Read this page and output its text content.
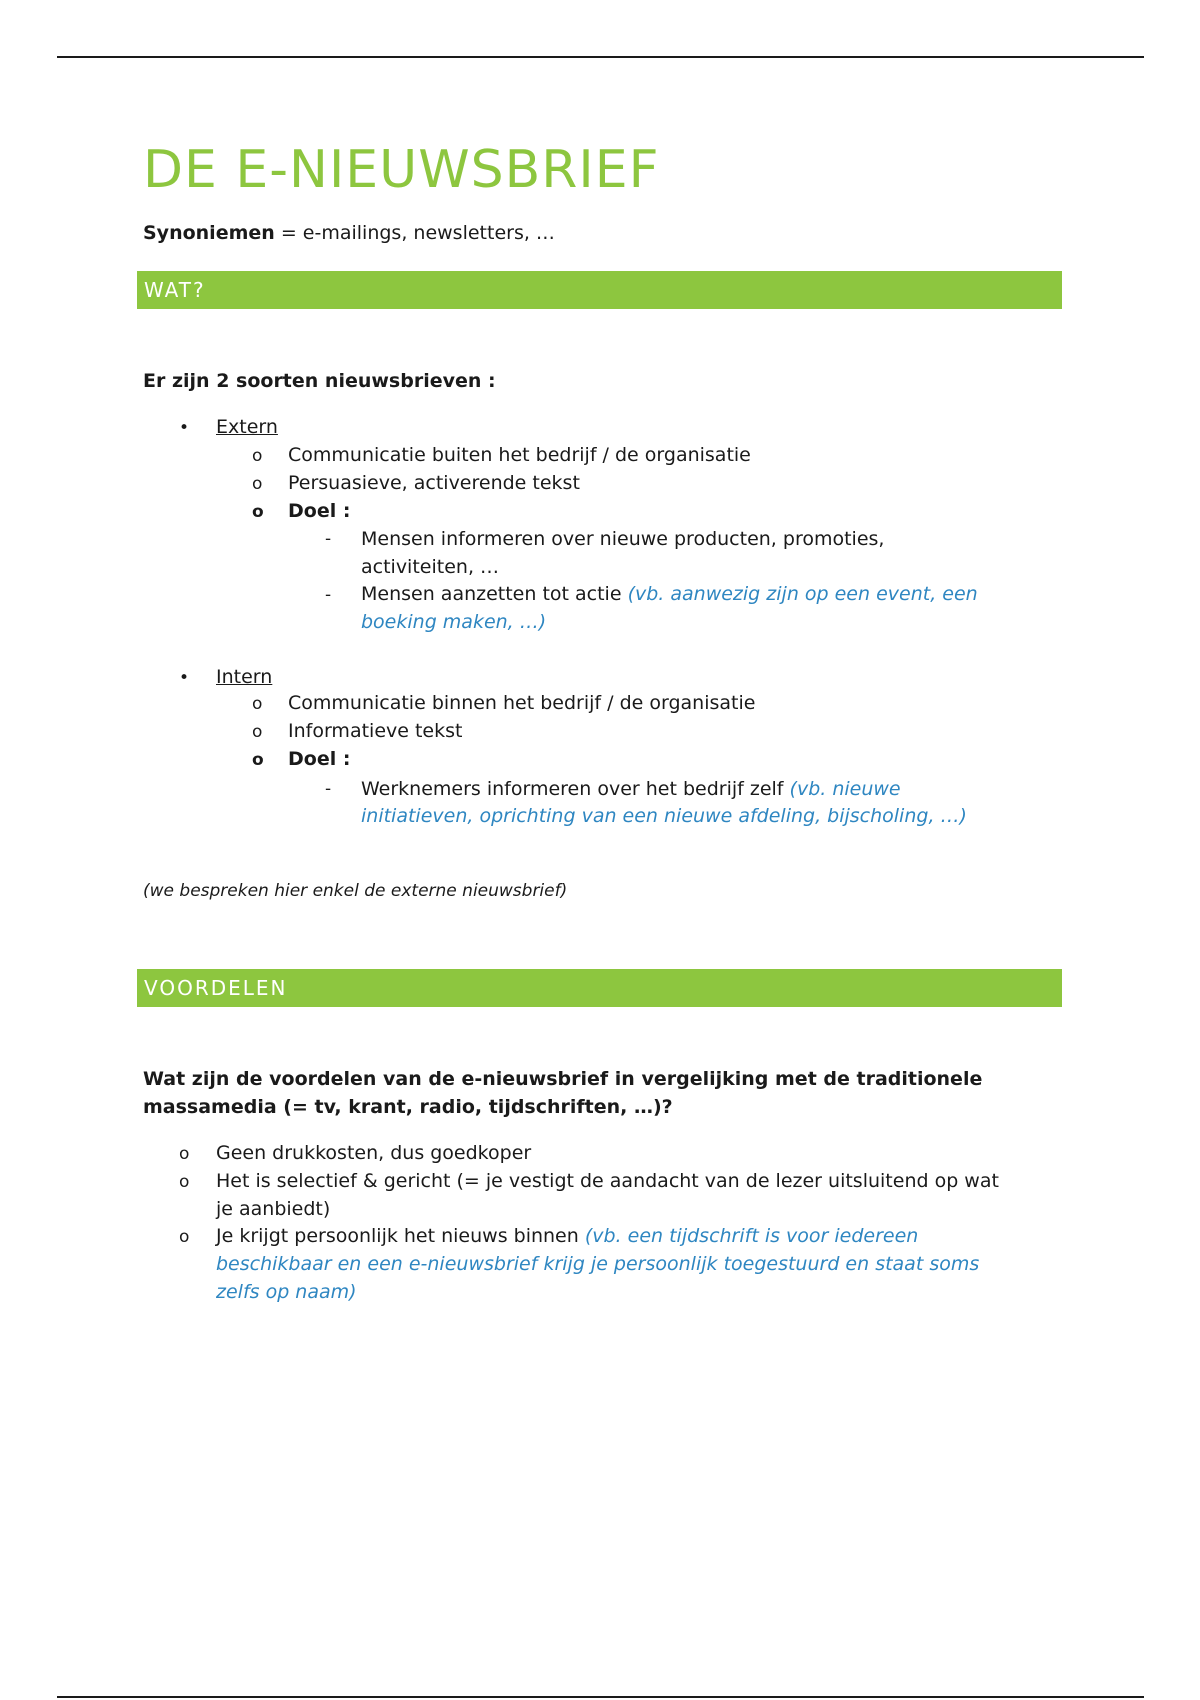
DE E-NIEUWSBRIEF
Synoniemen = e-mailings, newsletters, …
WAT?
Er zijn 2 soorten nieuwsbrieven :
• Extern
o Communicatie buiten het bedrijf / de organisatie
o Persuasieve, activerende tekst
o Doel :
- Mensen informeren over nieuwe producten, promoties,
activiteiten, …
- Mensen aanzetten tot actie (vb. aanwezig zijn op een event, een
boeking maken, …)
• Intern
o Communicatie binnen het bedrijf / de organisatie
o Informatieve tekst
o Doel :
- Werknemers informeren over het bedrijf zelf (vb. nieuwe
initiatieven, oprichting van een nieuwe afdeling, bijscholing, …)
(we bespreken hier enkel de externe nieuwsbrief)
VOORDELEN
Wat zijn de voordelen van de e-nieuwsbrief in vergelijking met de traditionele
massamedia (= tv, krant, radio, tijdschriften, …)?
o Geen drukkosten, dus goedkoper
o Het is selectief & gericht (= je vestigt de aandacht van de lezer uitsluitend op wat
je aanbiedt)
o Je krijgt persoonlijk het nieuws binnen (vb. een tijdschrift is voor iedereen
beschikbaar en een e-nieuwsbrief krijg je persoonlijk toegestuurd en staat soms
zelfs op naam)
